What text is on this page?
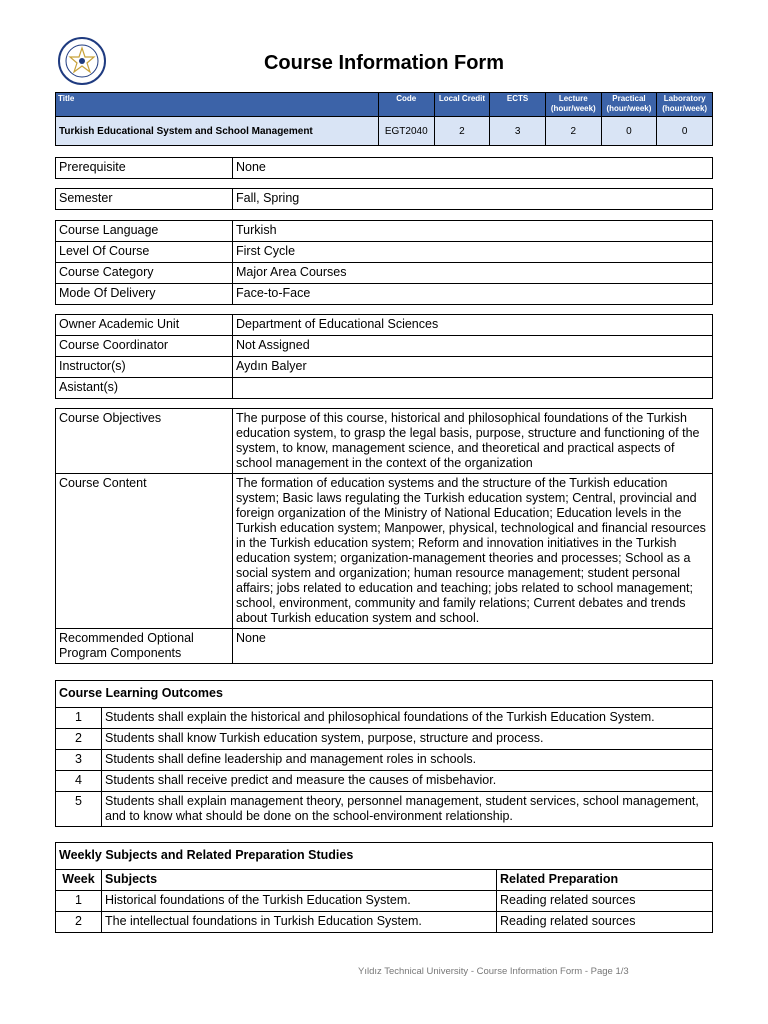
Course Information Form
Title	Code	Local Credit	ECTS	Lecture (hour/week)	Practical (hour/week)	Laboratory (hour/week)
Turkish Educational System and School Management	EGT2040	2	3	2	0	0
Prerequisite	None
Semester	Fall, Spring
Course Language	Turkish
Level Of Course	First Cycle
Course Category	Major Area Courses
Mode Of Delivery	Face-to-Face
Owner Academic Unit	Department of Educational Sciences
Course Coordinator	Not Assigned
Instructor(s)	Aydın Balyer
Asistant(s)	
Course Objectives	The purpose of this course, historical and philosophical foundations of the Turkish education system, to grasp the legal basis, purpose, structure and functioning of the system, to know, management science, and theoretical and practical aspects of school management in the context of the organization
Course Content	The formation of education systems and the structure of the Turkish education system; Basic laws regulating the Turkish education system; Central, provincial and foreign organization of the Ministry of National Education; Education levels in the Turkish education system; Manpower, physical, technological and financial resources in the Turkish education system; Reform and innovation initiatives in the Turkish education system; organization-management theories and processes; School as a social system and organization; human resource management; student personal affairs; jobs related to education and teaching; jobs related to school management; school, environment, community and family relations; Current debates and trends about Turkish education system and school.
Recommended Optional Program Components	None
Course Learning Outcomes	
1	Students shall explain the historical and philosophical foundations of the Turkish Education System.
2	Students shall know Turkish education system, purpose, structure and process.
3	Students shall define leadership and management roles in schools.
4	Students shall receive predict and measure the causes of misbehavior.
5	Students shall explain management theory, personnel management, student services, school management, and to know what should be done on the school-environment relationship.
Weekly Subjects and Related Preparation Studies		
Week	Subjects	Related Preparation
1	Historical foundations of the Turkish Education System.	Reading related sources
2	The intellectual foundations in Turkish Education System.	Reading related sources
Yıldız Technical University - Course Information Form - Page 1/3
